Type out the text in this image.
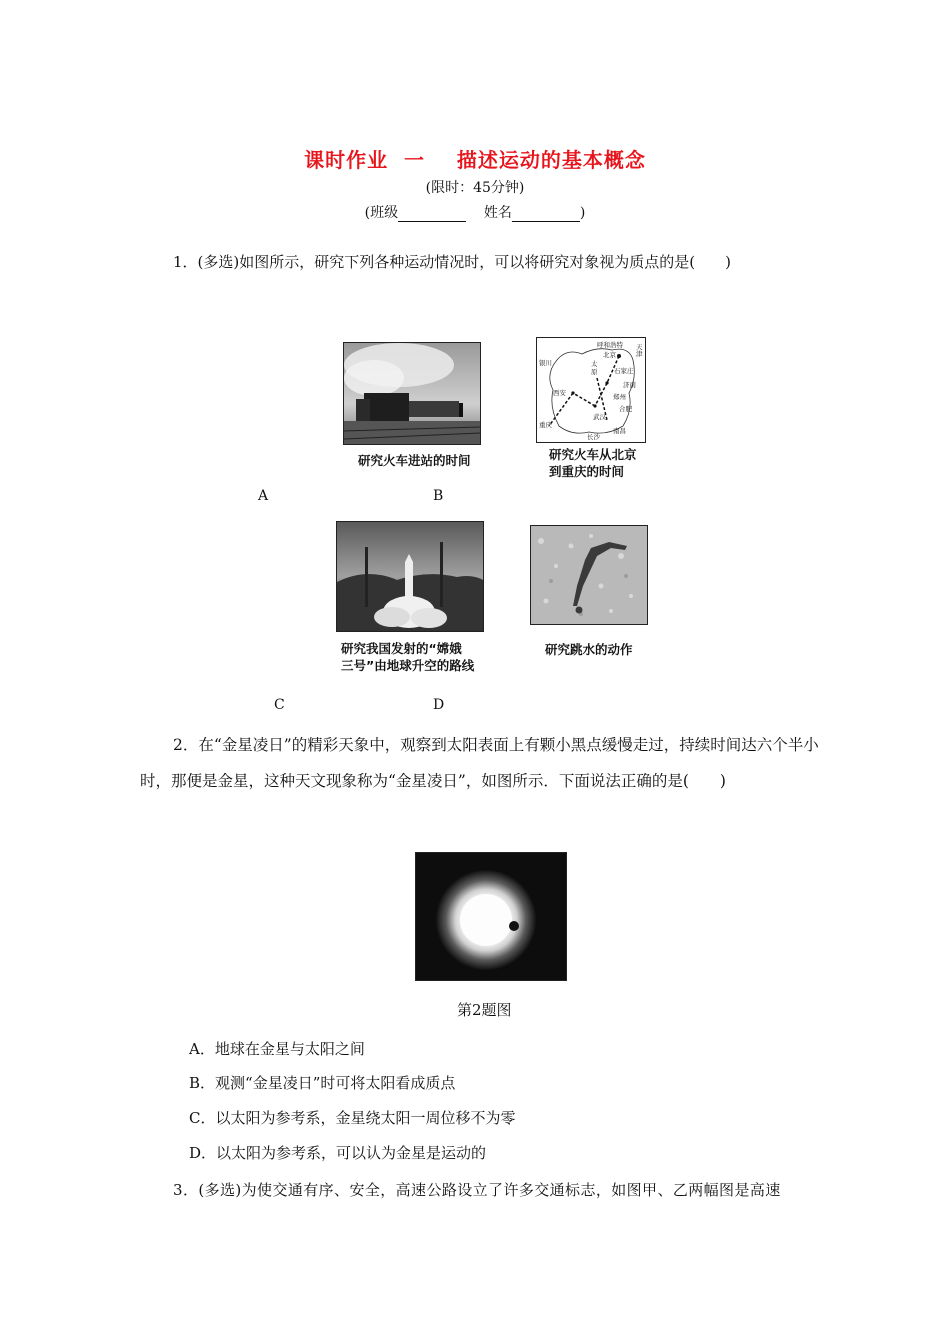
课时作业  一    描述运动的基本概念
(限时：45分钟)
(班级	姓名	)
1．(多选)如图所示，研究下列各种运动情况时，可以将研究对象视为质点的是(　　)
研究火车进站的时间
A
呼和浩特
北京
天津
银川	太原	石家庄
济南
西安	郑州
武汉
合肥
重庆
长沙
南昌
研究火车从北京
到重庆的时间
B
研究我国发射的“嫦娥
三号”由地球升空的路线
C
研究跳水的动作
D
2．在“金星凌日”的精彩天象中，观察到太阳表面上有颗小黑点缓慢走过，持续时间达六个半小时，那便是金星，这种天文现象称为“金星凌日”，如图所示．下面说法正确的是(　　)
第2题图
A．地球在金星与太阳之间
B．观测“金星凌日”时可将太阳看成质点
C．以太阳为参考系，金星绕太阳一周位移不为零
D．以太阳为参考系，可以认为金星是运动的
3．(多选)为使交通有序、安全，高速公路设立了许多交通标志，如图甲、乙两幅图是高速
